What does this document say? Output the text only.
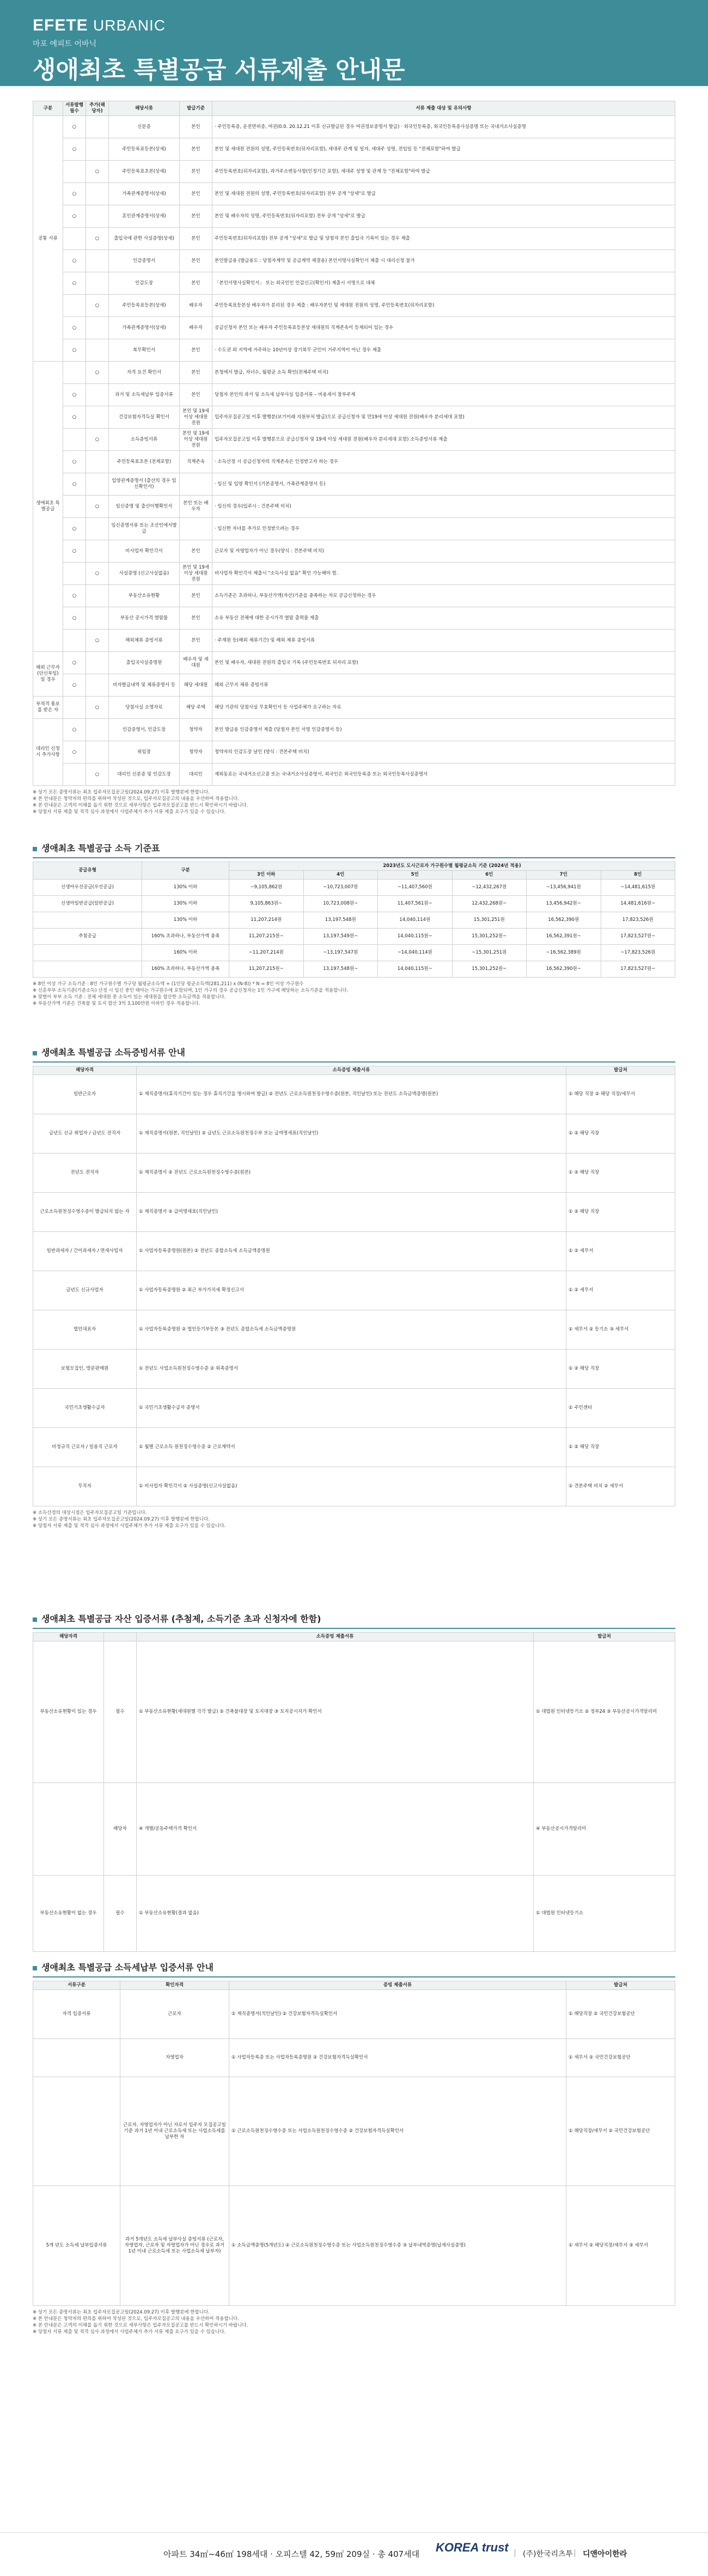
EFETE URBANIC
마포 에피트 어바닉
생애최초 특별공급 서류제출 안내문
구분	서류발행 필수	추가(해당자)	해당서류	발급기준	서류 제출 대상 및 유의사항
공통 서류	○		신분증	본인	· 주민등록증, 운전면허증, 여권(0.0. 20.12.21 이후 신규발급된 경우 여권정보증명서 발급) · 외국인등록증, 외국인등록증사실증명 또는 국내거소사실증명
	○		주민등록표등본(상세)	본인	본인 및 세대원 전원의 성명, 주민등록번호(뒤자리포함), 세대주 관계 및 일자, 세대주 성명, 전입일 등 "전체포함"하여 발급
		○	주민등록표초본(상세)	본인	주민등록번호(뒤자리포함), 과거주소변동사항(인정기간 포함), 세대주 성명 및 관계 등 "전체포함"하여 발급
	○		가족관계증명서(상세)	본인	본인 및 세대원 전원의 성명, 주민등록번호(뒤자리포함) 전부 공개 "상세"로 발급
	○		혼인관계증명서(상세)	본인	본인 및 배우자의 성명, 주민등록번호(뒤자리포함) 전부 공개 "상세"로 발급
		○	출입국에 관한 사실증명(상세)	본인	주민등록번호(뒤자리포함) 전부 공개 "상세"로 발급 및 당첨자 본인 출입국 기록이 있는 경우 제출
	○		인감증명서	본인	본인발급용 (발급용도 : 당첨자계약 및 공급계약 체결용) 본인서명사실확인서 제출 시 대리신청 불가
	○		인감도장	본인	「본인서명사실확인서」 또는 외국인인 인감신고(확인서) 제출시 서명으로 대체
		○	주민등록표등본(상세)	배우자	주민등록표등본상 배우자가 분리된 경우 제출 : 배우자본인 및 세대원 전원의 성명, 주민등록번호(뒤자리포함)
	○		가족관계증명서(상세)	배우자	공급신청자 본인 또는 배우자 주민등록표등본상 세대원의 직계존속이 등재되어 있는 경우
	○		복무확인서	본인	· 수도권 외 지역에 거주하는 10년이상 장기복무 군인이 거주지역이 아닌 경우 제출
생애최초 특별공급		○	자격 요건 확인서	본인	본청에서 발급, 자녀수, 월평균 소득 확인(전체주택 비치)
	○		과거 및 소득세납부 입증서류	본인	당첨자 본인의 과거 및 소득세 납부사실 입증서류 – 비용세서 참부주재
	○		건강보험자격득실 확인서	본인 및 19세 이상 세대원 전원	입주자모집공고일 이후 발행분(보기이래 지원부처 발급)으로 공급신청자 및 만19세 이상 세대원 전원(배우자 분리세대 포함)
		○	소득증빙서류	본인 및 19세 이상 세대원 전원	입주자모집공고일 이후 발행분으로 공급신청자 및 19세 이상 세대원 전원(배우자 분리세대 포함) 소득증빙서류 제출
	○		주민등록표초본 (전체포함)	직계존속	· 소득산정 시 공급신청자의 직계존속은 인정받고자 하는 경우
	○		입양관계증명서 (출산의 경우 임신확인서)		· 임신 및 입양 확인서 (기본증명서, 가족관계증명서 등)
		○	임신증명 및 출산이행확인서	본인 또는 배우자	· 임신의 경우(입주시 : 건본주택 비치)
	○		임신증명서류 또는 조산인에서발급		· 임신한 자녀를 추가로 인정받으려는 경우
	○		비사업자 확인각서	본인	근로자 및 자영업자가 아닌 경우(양식 : 견본주택 비치)
		○	사실증명 (신고사실없음)	본인 및 19세 이상 세대원 전원	비사업자 확인각서 제출시 "소득사실 없음" 확인 가능해야 함.
	○		부동산소유현황	본인	소득기준은 초과하나, 부동산가액(자산)기준을 충족하는 자로 공급신청하는 경우
	○		부동산 공시가격 열람물	본인	소유 부동산 전체에 대한 공시가격 열람 출력물 제출
		○	해외체류 증빙서류	본인	· 주재원 등(해외 체류기간) 및 해외 체류 증빙서류
해외 근무자 (단신부임) 일 경우	○		출입국사실증명원	배우자 및 세대원	본인 및 배우자, 세대원 전원의 출입국 기록 (주민등록번호 뒤자리 포함)
	○		비자발급내역 및 체류증명서 등	해당 세대원	해외 근무지 체류 증빙서류
부적격 통보를 받은 자		○	당첨사실 소명자료	해당 주택	해당 기관의 당첨사실 무효확인서 등 사업주체가 요구하는 자료
대리인 신청시 추가사항	○		인감증명서, 인감도장	청약자	본인 발급용 인감증명서 제출 (당첨자 본인 서명 인감증명서 등)
	○		위임장	청약자	청약자의 인감도장 날인 (양식 : 견본주택 비치)
		○	대리인 신분증 및 인감도장	대리인	재외동포는 국내거소신고증 또는 국내거소사실증명서, 외국인은 외국인등록증 또는 외국인등록사실증명서
※ 상기 모든 증명서류는 최초 입주자모집공고일(2024.09.27) 이후 발행분에 한합니다.
※ 본 안내문은 청약자의 편의를 위하여 작성된 것으로, 입주자모집공고의 내용을 우선하여 적용합니다.
※ 본 안내문은 고객의 이해를 돕기 위한 것으로 세부사항은 입주자모집공고를 반드시 확인하시기 바랍니다.
※ 당첨자 서류 제출 및 적격 심사 과정에서 사업주체가 추가 서류 제출 요구가 있을 수 있습니다.
생애최초 특별공급 소득 기준표
공급유형	구분	2023년도 도시근로자 가구원수별 월평균소득 기준 (2024년 적용)					
		3인 이하	4인	5인	6인	7인	8인
신생아우선공급(우선공급)	130% 이하	~9,105,862원	~10,723,007원	~11,407,560원	~12,432,267원	~13,456,941원	~14,481,615원
신생아일반공급(일반공급)	130% 이하	9,105,863원~	10,723,008원~	11,407,561원~	12,432,268원~	13,456,942원~	14,481,616원~
	130% 이하	11,207,214원	13,197,548원	14,040,114원	15,301,251원	16,562,390원	17,823,526원
추첨공급	160% 초과하나, 부동산가액 충족	11,207,215원~	13,197,549원~	14,040,115원~	15,301,252원~	16,562,391원~	17,823,527원~
	160% 이하	~11,207,214원	~13,197,547원	~14,040,114원	~15,301,251원	~16,562,389원	~17,823,526원
	160% 초과하나, 부동산가액 충족	11,207,215원~	13,197,548원~	14,040,115원~	15,301,252원~	16,562,390원~	17,823,527원~
※ 8인 이상 가구 소득기준 : 8인 가구원수별 가구당 월평균소득액 + (1인당 평균소득액(281,211) x (N-8)) * N = 8인 이상 가구원수
※ 신혼부부 소득기준(기준소득) 산정 시 임신 중인 태아는 가구원수에 포함되며, 1인 가구의 경우 공급신청자는 1인 가구에 해당하는 소득기준을 적용합니다.
※ 맞벌이 부부 소득 기준 : 전체 세대원 중 소득이 있는 세대원을 합산한 소득금액을 적용합니다.
※ 부동산가액 기준은 건축물 및 토지 합산 3억 3,100만원 이하인 경우 적용합니다.
생애최초 특별공급 소득증빙서류 안내
해당자격	소득증빙 제출서류	발급처
일반근로자	① 재직증명서(휴직기간이 있는 경우 휴직기간을 명시하여 발급) ② 전년도 근로소득원천징수영수증(원본, 직인날인) 또는 전년도 소득금액증명(원본)	① 해당 직장 ② 해당 직장/세무서
금년도 신규 취업자 / 금년도 전직자	① 재직증명서(원본, 직인날인) ② 금년도 근로소득원천징수부 또는 급여명세표(직인날인)	① ② 해당 직장
전년도 전직자	① 재직증명서 ② 전년도 근로소득원천징수영수증(원본)	① ② 해당 직장
근로소득원천징수영수증이 발급되지 않는 자	① 재직증명서 ② 급여명세표(직인날인)	① ② 해당 직장
일반과세자 / 간이과세자 / 면세사업자	① 사업자등록증명원(원본) ② 전년도 종합소득세 소득금액증명원	① ② 세무서
금년도 신규사업자	① 사업자등록증명원 ② 최근 부가가치세 확정신고서	① ② 세무서
법인대표자	① 사업자등록증명원 ② 법인등기부등본 ③ 전년도 종합소득세 소득금액증명원	① 세무서 ② 등기소 ③ 세무서
보험모집인, 방문판매원	① 전년도 사업소득원천징수영수증 ② 위촉증명서	① ② 해당 직장
국민기초생활수급자	① 국민기초생활수급자 증명서	① 주민센터
비정규직 근로자 / 일용직 근로자	① 월별 근로소득 원천징수영수증 ② 근로계약서	① ② 해당 직장
무직자	① 비사업자 확인각서 ② 사실증명(신고사실없음)	① 견본주택 비치 ② 세무서
※ 소득산정의 대상시점은 입주자모집공고일 기준입니다.
※ 상기 모든 증명서류는 최초 입주자모집공고일(2024.09.27) 이후 발행분에 한합니다.
※ 당첨자 서류 제출 및 적격 심사 과정에서 사업주체가 추가 서류 제출 요구가 있을 수 있습니다.
생애최초 특별공급 자산 입증서류 (추첨제, 소득기준 초과 신청자에 한함)
해당자격		소득증빙 제출서류	발급처
부동산소유현황이 있는 경우	필수	① 부동산소유현황(세대원별 각각 발급) ② 건축물대장 및 토지대장 ③ 토지공시지가 확인서	① 대법원 인터넷등기소 ② 정부24 ③ 부동산공시가격알리미
	해당자	④ 개별/공동주택가격 확인서	④ 부동산공시가격알리미
부동산소유현황이 없는 경우	필수	① 부동산소유현황(결과 없음)	① 대법원 인터넷등기소
생애최초 특별공급 소득세납부 입증서류 안내
서류구분	확인자격	증빙 제출서류	발급처
자격 입증서류	근로자	① 재직증명서(직인날인) ② 건강보험자격득실확인서	① 해당직장 ② 국민건강보험공단
	자영업자	① 사업자등록증 또는 사업자등록증명원 ② 건강보험자격득실확인서	① 세무서 ② 국민건강보험공단
	근로자, 자영업자가 아닌 자로서 입주자 모집공고일 기준 과거 1년 이내 근로소득세 또는 사업소득세를 납부한 자	① 근로소득원천징수영수증 또는 사업소득원천징수영수증 ② 건강보험자격득실확인서	① 해당직장/세무서 ② 국민건강보험공단
5개 년도 소득세 납부입증서류	과거 5개년도 소득세 납부사실 증빙서류 (근로자, 자영업자, 근로자 및 자영업자가 아닌 경우로 과거 1년 이내 근로소득세 또는 사업소득세 납부자)	① 소득금액증명(5개년도) ② 근로소득원천징수영수증 또는 사업소득원천징수영수증 ③ 납부내역증명(납세사실증명)	① 세무서 ② 해당직장/세무서 ③ 세무서
※ 상기 모든 증명서류는 최초 입주자모집공고일(2024.09.27) 이후 발행분에 한합니다.
※ 본 안내문은 청약자의 편의를 위하여 작성된 것으로, 입주자모집공고의 내용을 우선하여 적용합니다.
※ 본 안내문은 고객의 이해를 돕기 위한 것으로 세부사항은 입주자모집공고를 반드시 확인하시기 바랍니다.
※ 당첨자 서류 제출 및 적격 심사 과정에서 사업주체가 추가 서류 제출 요구가 있을 수 있습니다.
아파트 34㎡~46㎡ 198세대 · 오피스텔 42, 59㎡ 209실 · 총 407세대 KOREA trust (주)한국리츠투 디앤아이한라
